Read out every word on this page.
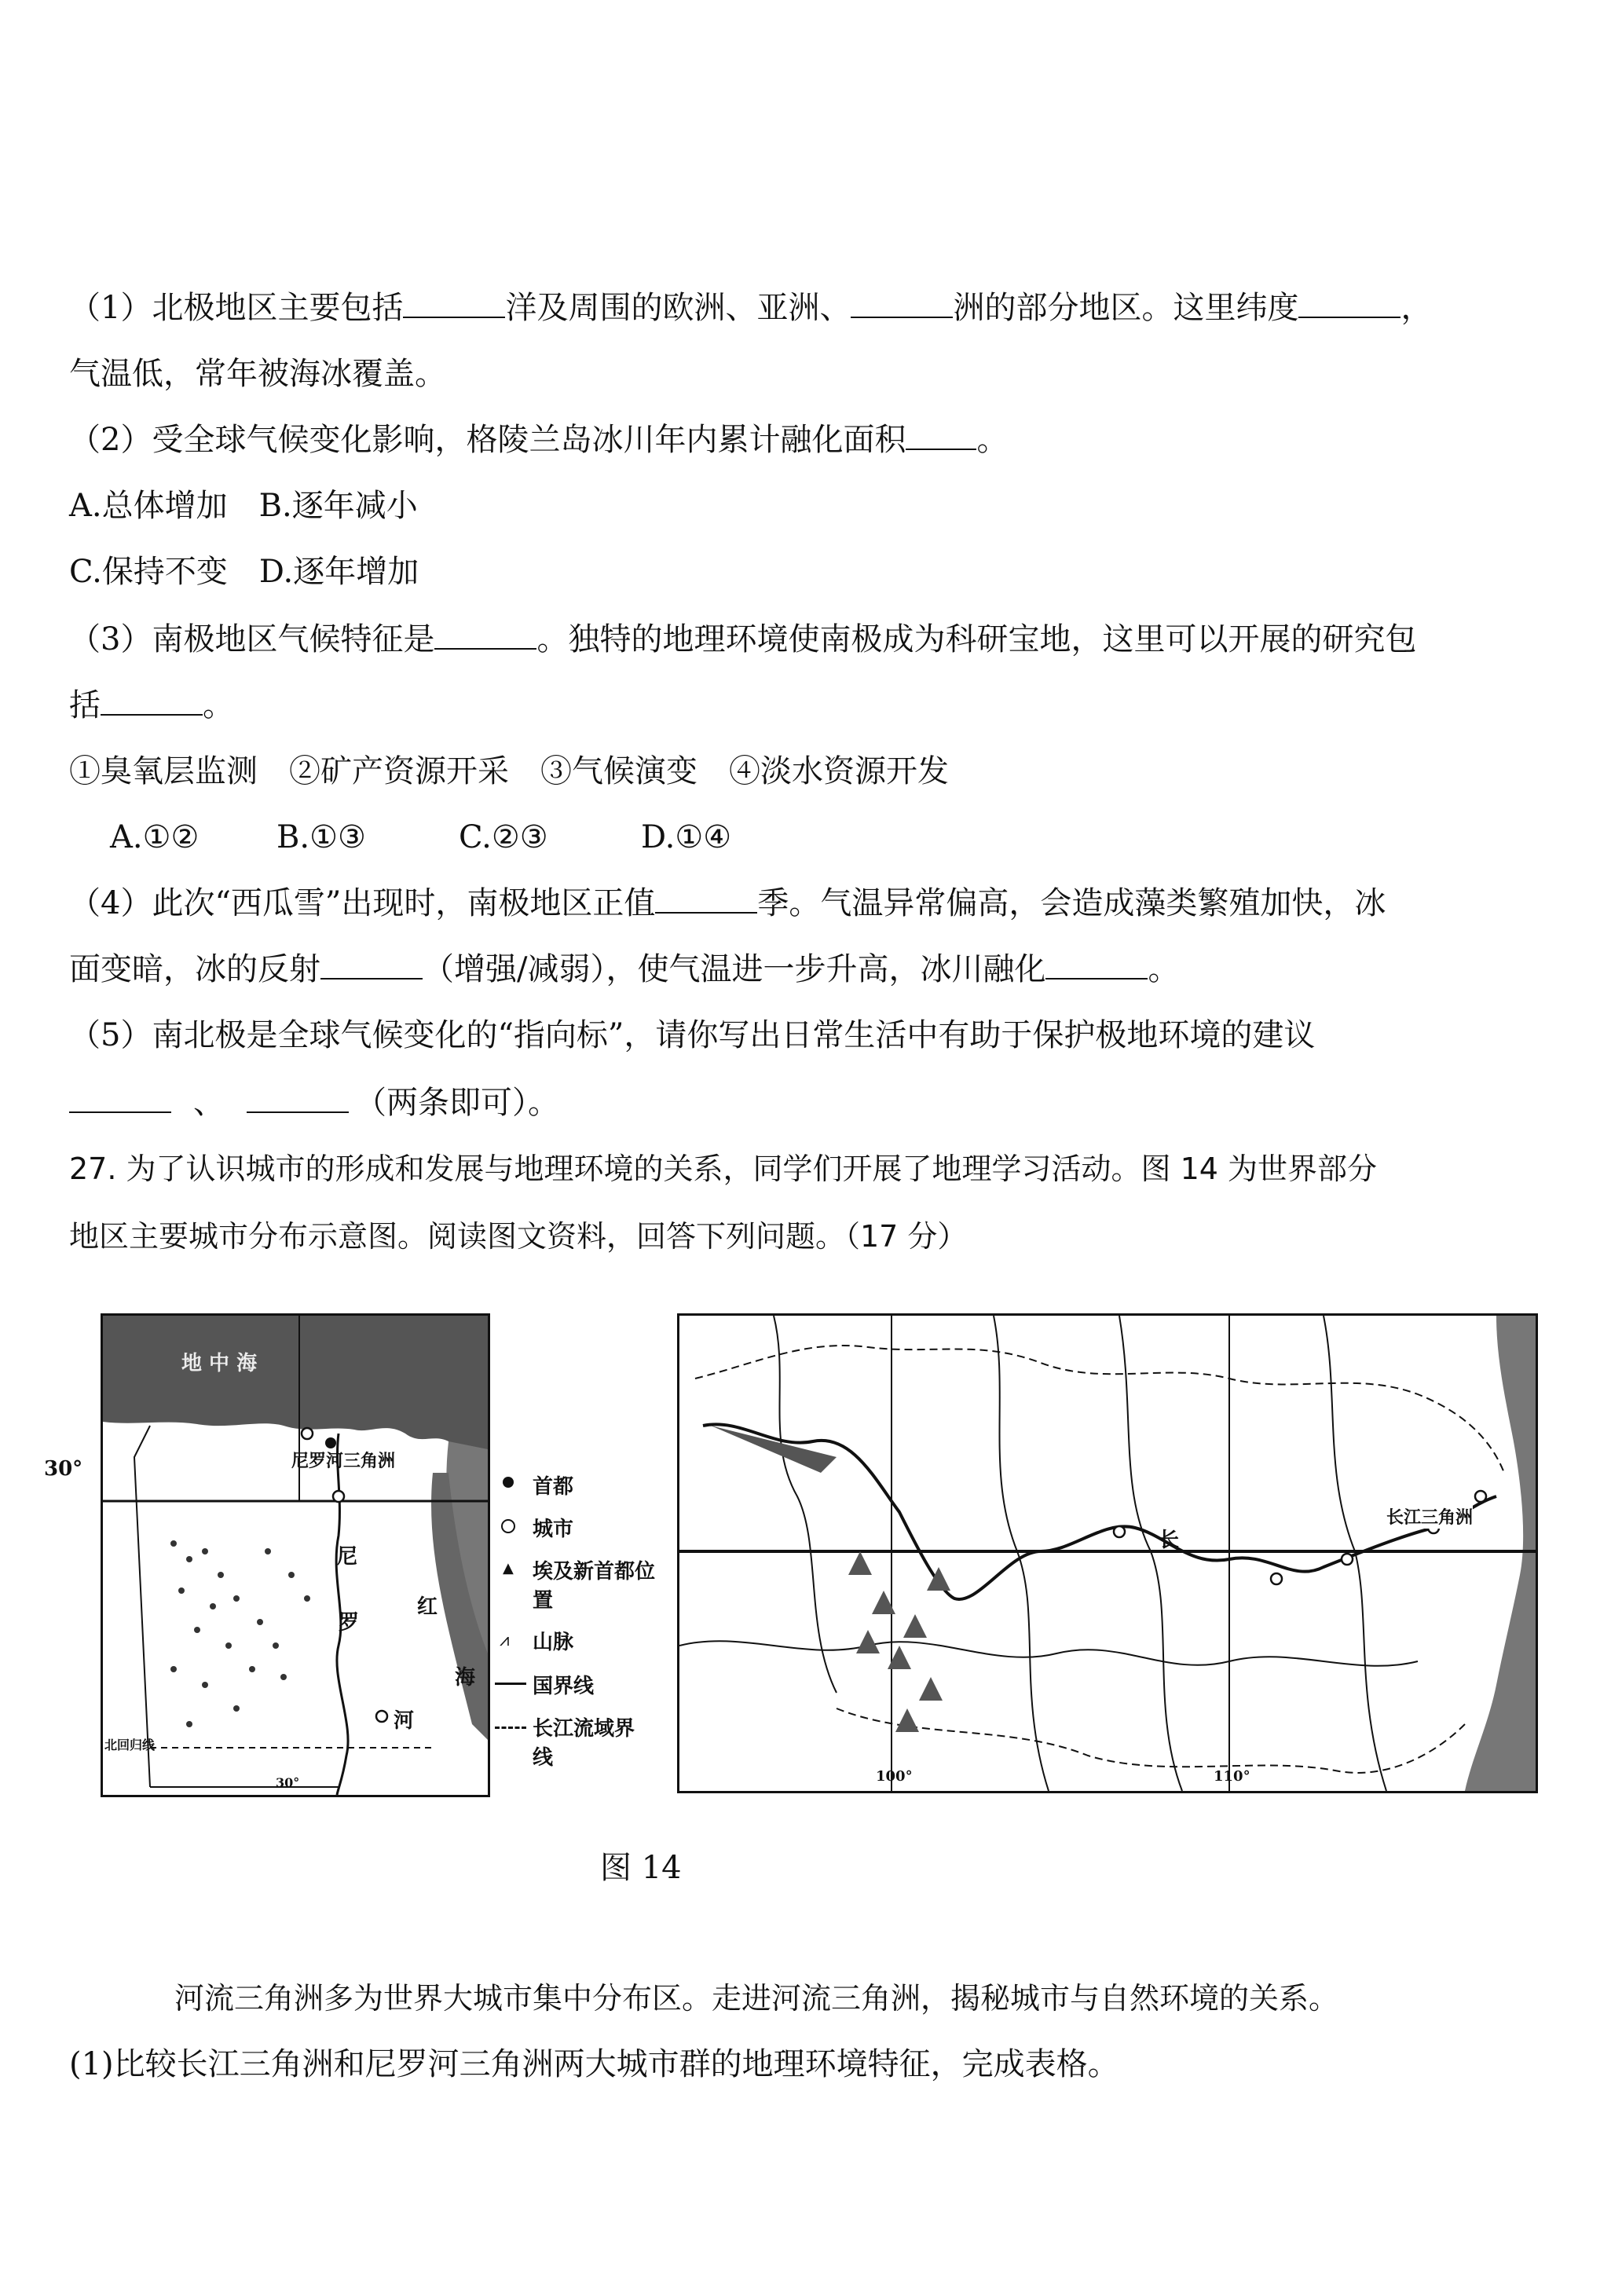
（1）北极地区主要包括	洋及周围的欧洲、亚洲、	洲的部分地区。这里纬度	，
气温低，常年被海冰覆盖。
（2）受全球气候变化影响，格陵兰岛冰川年内累计融化面积 。
A.总体增加　B.逐年减小
C.保持不变　D.逐年增加
（3）南极地区气候特征是	。独特的地理环境使南极成为科研宝地，这里可以开展的研究包
括	。
①臭氧层监测　②矿产资源开采　③气候演变　④淡水资源开发
A.①② B.①③	C.②③	D.①④
（4）此次“西瓜雪”出现时，南极地区正值	季。气温异常偏高，会造成藻类繁殖加快，冰
面变暗，冰的反射	（增强/减弱），使气温进一步升高，冰川融化	。
（5）南北极是全球气候变化的“指向标”，请你写出日常生活中有助于保护极地环境的建议
、	（两条即可）。
27. 为了认识城市的形成和发展与地理环境的关系，同学们开展了地理学习活动。图 14 为世界部分
地区主要城市分布示意图。阅读图文资料，回答下列问题。（17 分）
30°
地 中 海
尼罗河三角洲
尼
罗
河
红
海
北回归线
30°
首都
城市
▲ 埃及新首都位置
⩘ 山脉
国界线
长江流域界线
长江三角洲
长
100°	110°
图 14
河流三角洲多为世界大城市集中分布区。走进河流三角洲，揭秘城市与自然环境的关系。
(1)比较长江三角洲和尼罗河三角洲两大城市群的地理环境特征，完成表格。
